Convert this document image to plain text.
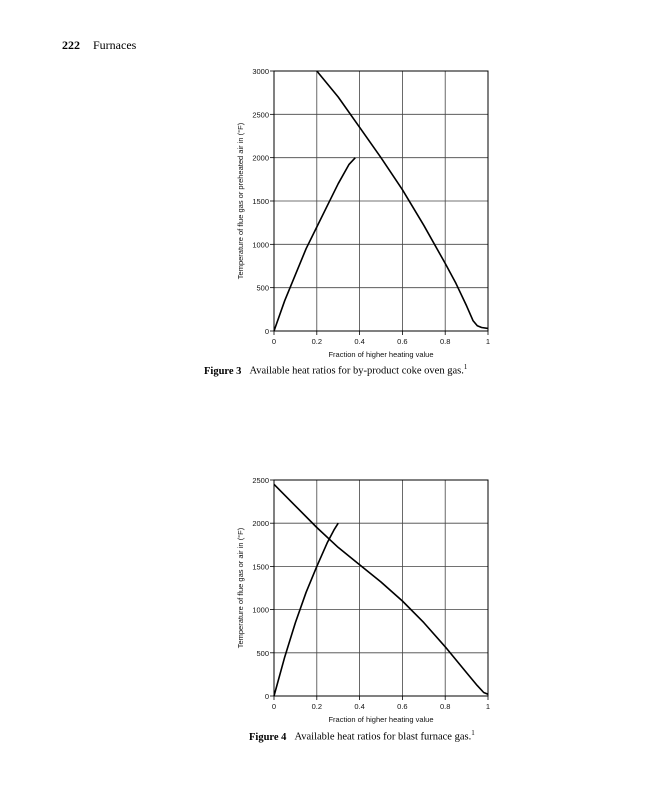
222 Furnaces
0	0.2	0.4	0.6	0.8	1
0
500
1000
1500
2000
2500
3000
Fraction of higher heating value
Temperature of flue gas or preheated air in (°F)
Figure 3 Available heat ratios for by-product coke oven gas.$^1$
0	0.2	0.4	0.6	0.8	1
0
500
1000
1500
2000
2500
Fraction of higher heating value
Temperature of flue gas or air in (°F)
Figure 4 Available heat ratios for blast furnace gas.$^1$
